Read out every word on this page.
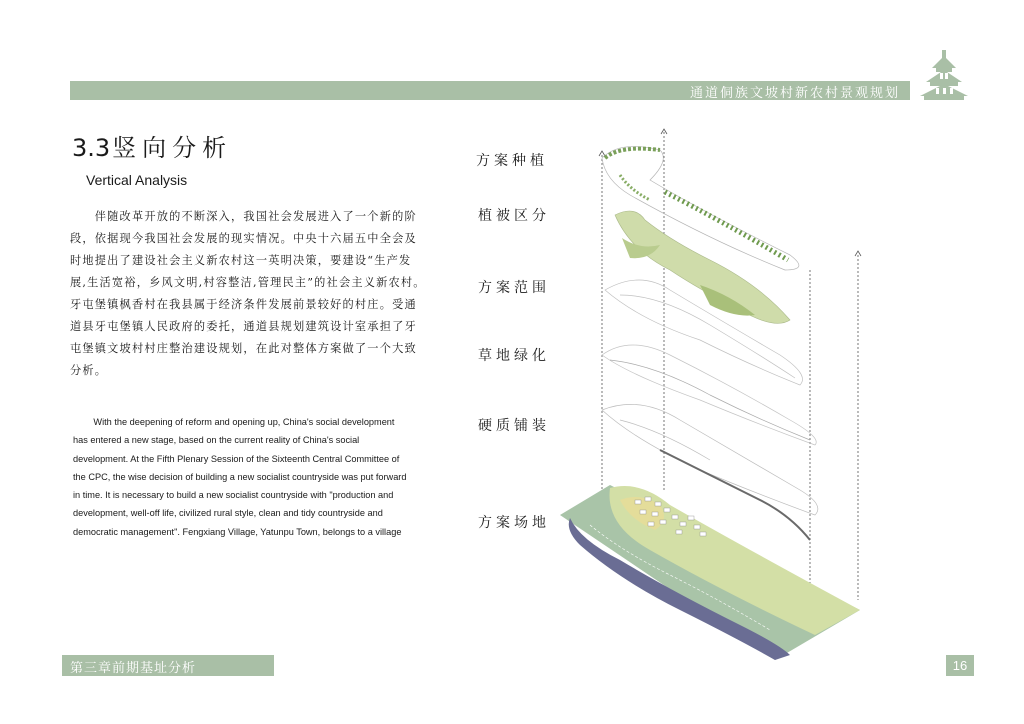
通道侗族文坡村新农村景观规划
3.3竖向分析
Vertical Analysis
　　伴随改革开放的不断深入，我国社会发展进入了一个新的阶
段，依据现今我国社会发展的现实情况。中央十六届五中全会及
时地提出了建设社会主义新农村这一英明决策，要建设“生产发
展,生活宽裕，乡风文明,村容整洁,管理民主”的社会主义新农村。
牙屯堡镇枫香村在我县属于经济条件发展前景较好的村庄。受通
道县牙屯堡镇人民政府的委托，通道县规划建筑设计室承担了牙
屯堡镇文坡村村庄整治建设规划，在此对整体方案做了一个大致
分析。
With the deepening of reform and opening up, China's social development
has entered a new stage, based on the current reality of China's social
development. At the Fifth Plenary Session of the Sixteenth Central Committee of
the CPC, the wise decision of building a new socialist countryside was put forward
in time. It is necessary to build a new socialist countryside with "production and
development, well-off life, civilized rural style, clean and tidy countryside and
democratic management". Fengxiang Village, Yatunpu Town, belongs to a village
方案种植
植被区分
方案范围
草地绿化
硬质铺装
方案场地
第三章前期基址分析	16
